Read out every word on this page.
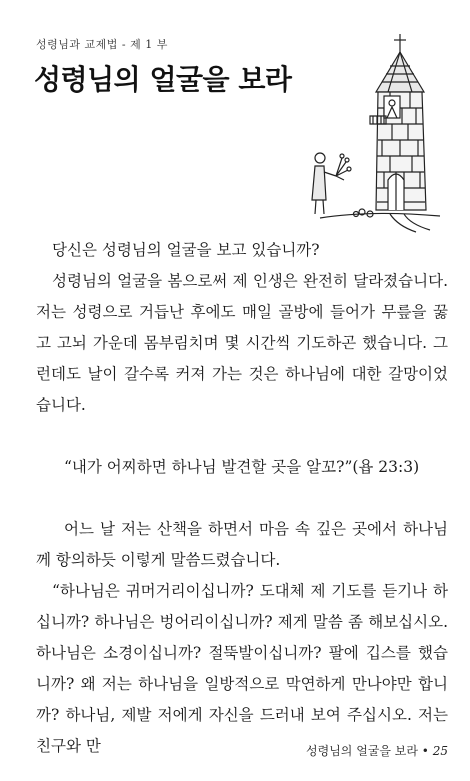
성령님과 교제법 - 제 1 부
성령님의 얼굴을 보라

당신은 성령님의 얼굴을 보고 있습니까?

성령님의 얼굴을 봄으로써 제 인생은 완전히 달라졌습니다. 저는 성령으로 거듭난 후에도 매일 골방에 들어가 무릎을 꿇고 고뇌 가운데 몸부림치며 몇 시간씩 기도하곤 했습니다. 그런데도 날이 갈수록 커져 가는 것은 하나님에 대한 갈망이었습니다.

“내가 어찌하면 하나님 발견할 곳을 알꼬?”(욥 23:3)

어느 날 저는 산책을 하면서 마음 속 깊은 곳에서 하나님께 항의하듯 이렇게 말씀드렸습니다.

“하나님은 귀머거리이십니까? 도대체 제 기도를 듣기나 하십니까? 하나님은 벙어리이십니까? 제게 말씀 좀 해보십시오. 하나님은 소경이십니까? 절뚝발이십니까? 팔에 깁스를 했습니까? 왜 저는 하나님을 일방적으로 막연하게 만나야만 합니까? 하나님, 제발 저에게 자신을 드러내 보여 주십시오. 저는 친구와 만	성령님의 얼굴을 보라 • 25
